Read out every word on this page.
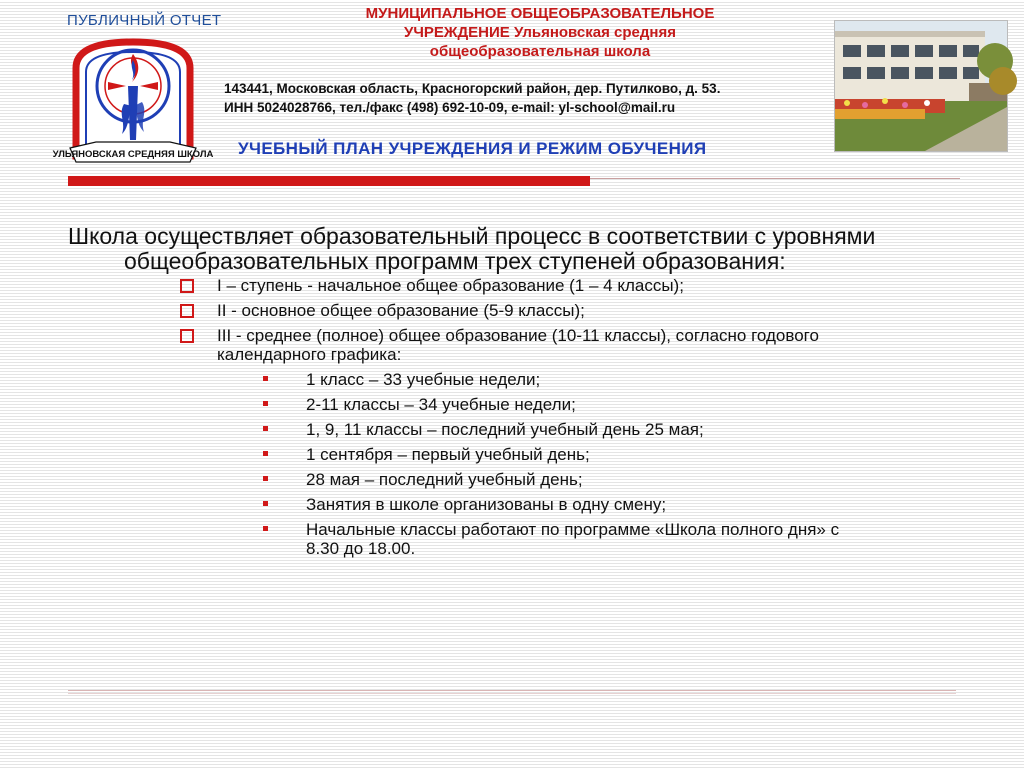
ПУБЛИЧНЫЙ ОТЧЕТ
УЛЬЯНОВСКАЯ СРЕДНЯЯ ШКОЛА
МУНИЦИПАЛЬНОЕ ОБЩЕОБРАЗОВАТЕЛЬНОЕ
УЧРЕЖДЕНИЕ Ульяновская средняя
общеобразовательная школа
143441, Московская область, Красногорский район, дер. Путилково, д. 53.
ИНН 5024028766, тел./факс (498) 692-10-09, e-mail: yl-school@mail.ru
УЧЕБНЫЙ ПЛАН УЧРЕЖДЕНИЯ И РЕЖИМ ОБУЧЕНИЯ

Школа осуществляет образовательный процесс в соответствии с уровнями общеобразовательных программ трех ступеней образования:

I – ступень - начальное общее образование (1 – 4 классы);
II - основное общее образование (5-9 классы);
III - среднее (полное) общее образование (10-11 классы), согласно годового календарного графика:
1 класс – 33 учебные недели;
2-11 классы – 34 учебные недели;
1, 9, 11 классы – последний учебный день 25 мая;
1 сентября – первый учебный день;
28 мая – последний учебный день;
Занятия в школе организованы в одну смену;
Начальные классы работают по программе «Школа полного дня» с 8.30 до 18.00.
